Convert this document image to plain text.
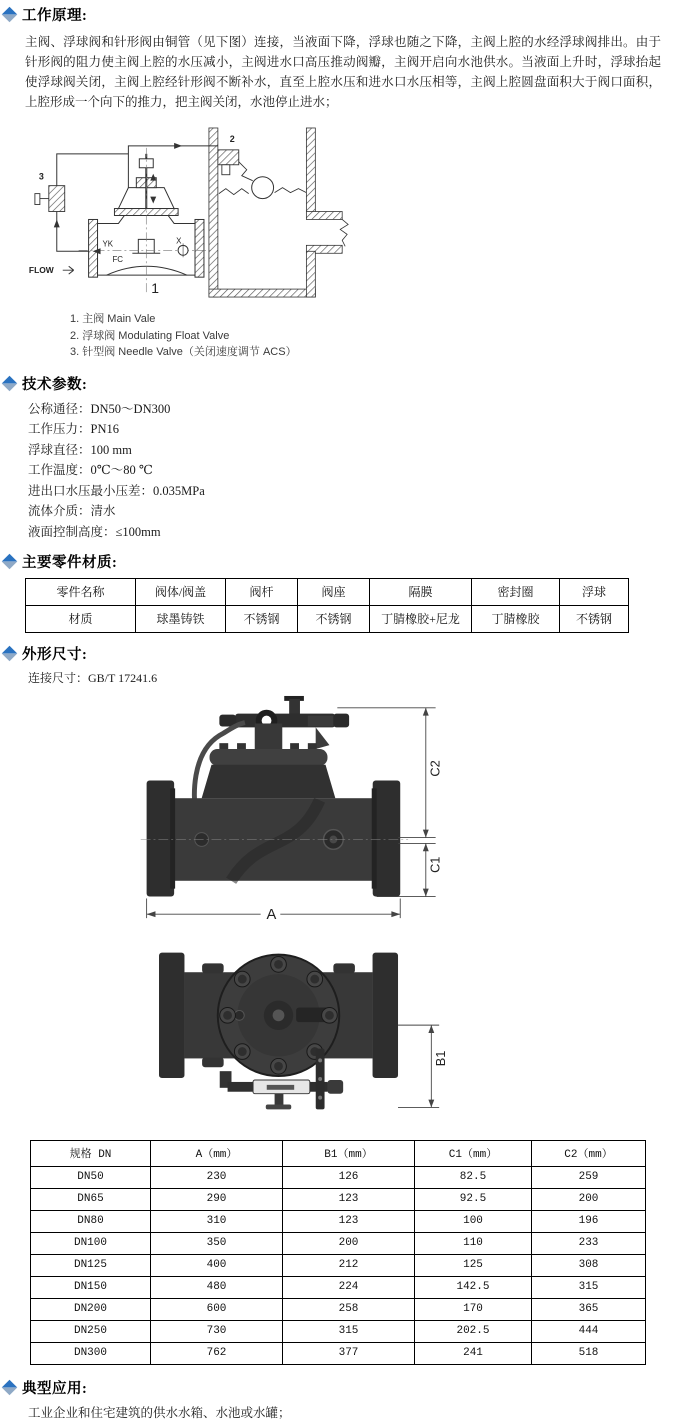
工作原理:

主阀、浮球阀和针形阀由铜管（见下图）连接，当液面下降，浮球也随之下降，主阀上腔的水经浮球阀排出。由于针形阀的阻力使主阀上腔的水压减小，主阀进水口高压推动阀瓣，主阀开启向水池供水。当液面上升时，浮球抬起使浮球阀关闭，主阀上腔经针形阀不断补水，直至上腔水压和进水口水压相等，主阀上腔圆盘面积大于阀口面积，上腔形成一个向下的推力，把主阀关闭，水池停止进水；

3
2
1
YK
FC
X
FLOW
1. 主阀 Main Vale
2. 浮球阀 Modulating Float Valve
3. 针型阀 Needle Valve（关闭速度调节 ACS）
技术参数:
公称通径：DN50～DN300
工作压力：PN16
浮球直径：100 mm
工作温度：0℃～80 ℃
进出口水压最小压差：0.035MPa
流体介质：清水
液面控制高度：≤100mm
主要零件材质:
零件名称	阀体/阀盖	阀杆	阀座	隔膜	密封圈	浮球
材质	球墨铸铁	不锈钢	不锈钢	丁腈橡胶+尼龙	丁腈橡胶	不锈钢
外形尺寸:
连接尺寸：GB/T 17241.6
C2
C1
A
B1
规格 DN	A（mm）	B1（mm）	C1（mm）	C2（mm）
DN50	230	126	82.5	259
DN65	290	123	92.5	200
DN80	310	123	100	196
DN100	350	200	110	233
DN125	400	212	125	308
DN150	480	224	142.5	315
DN200	600	258	170	365
DN250	730	315	202.5	444
DN300	762	377	241	518
典型应用:
工业企业和住宅建筑的供水水箱、水池或水罐；
